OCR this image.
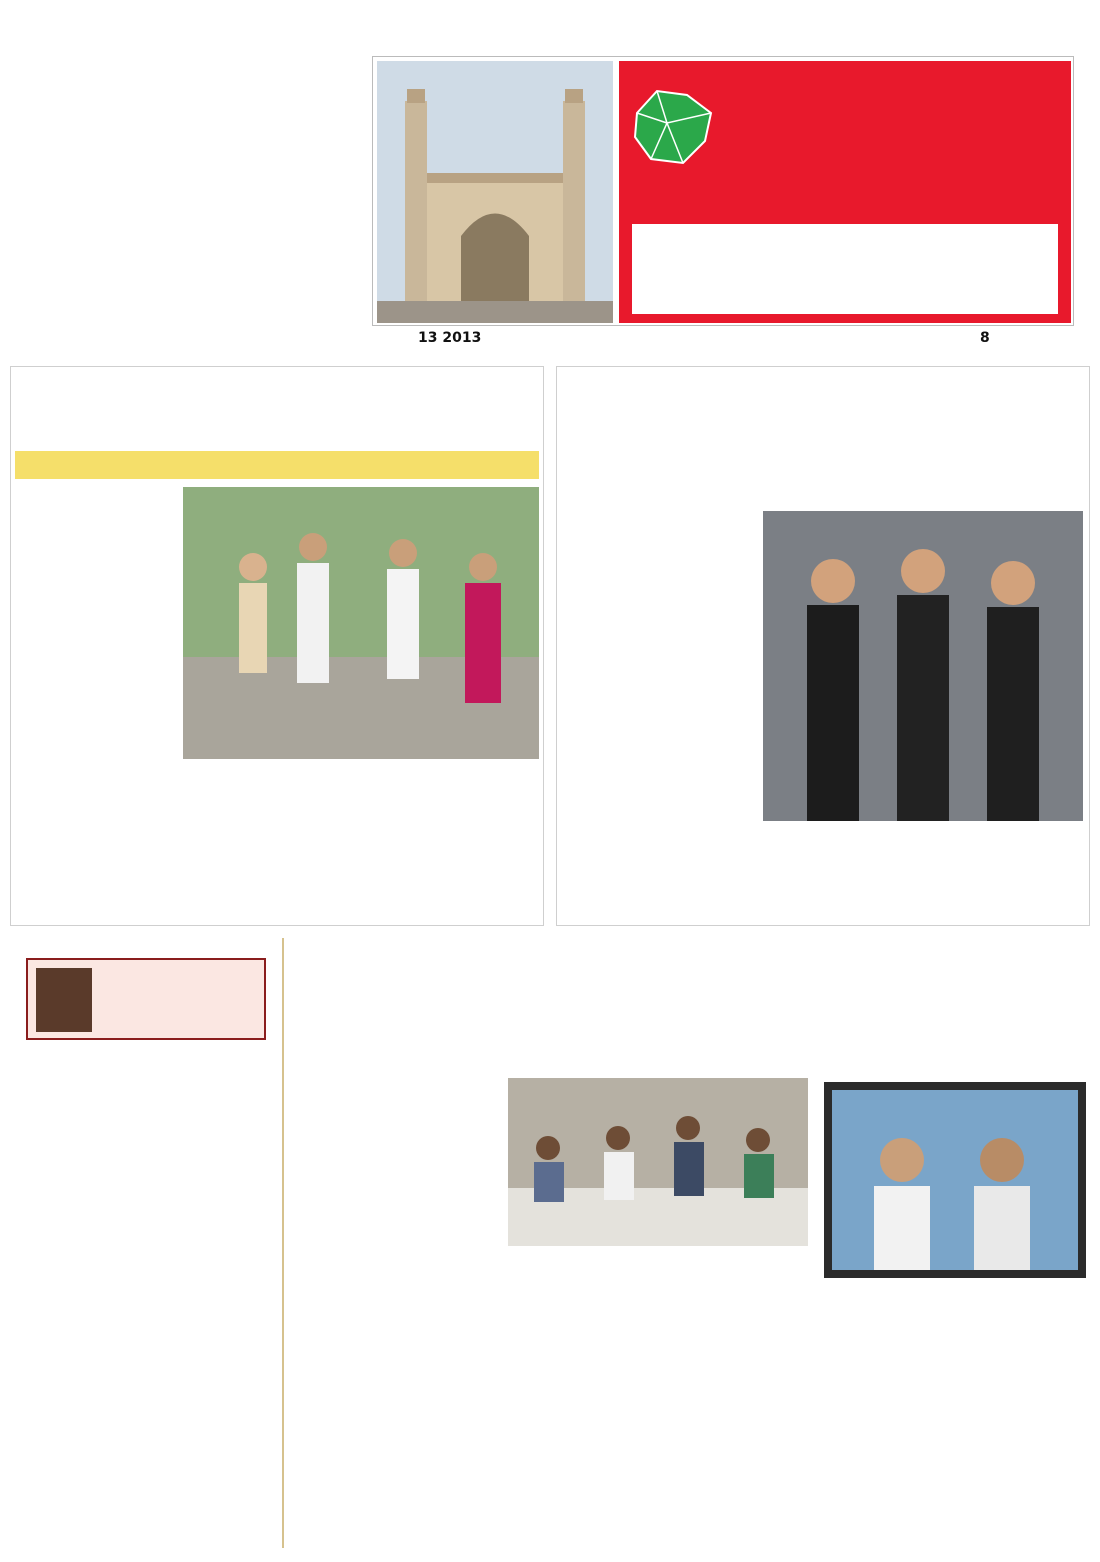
13 2013	8
